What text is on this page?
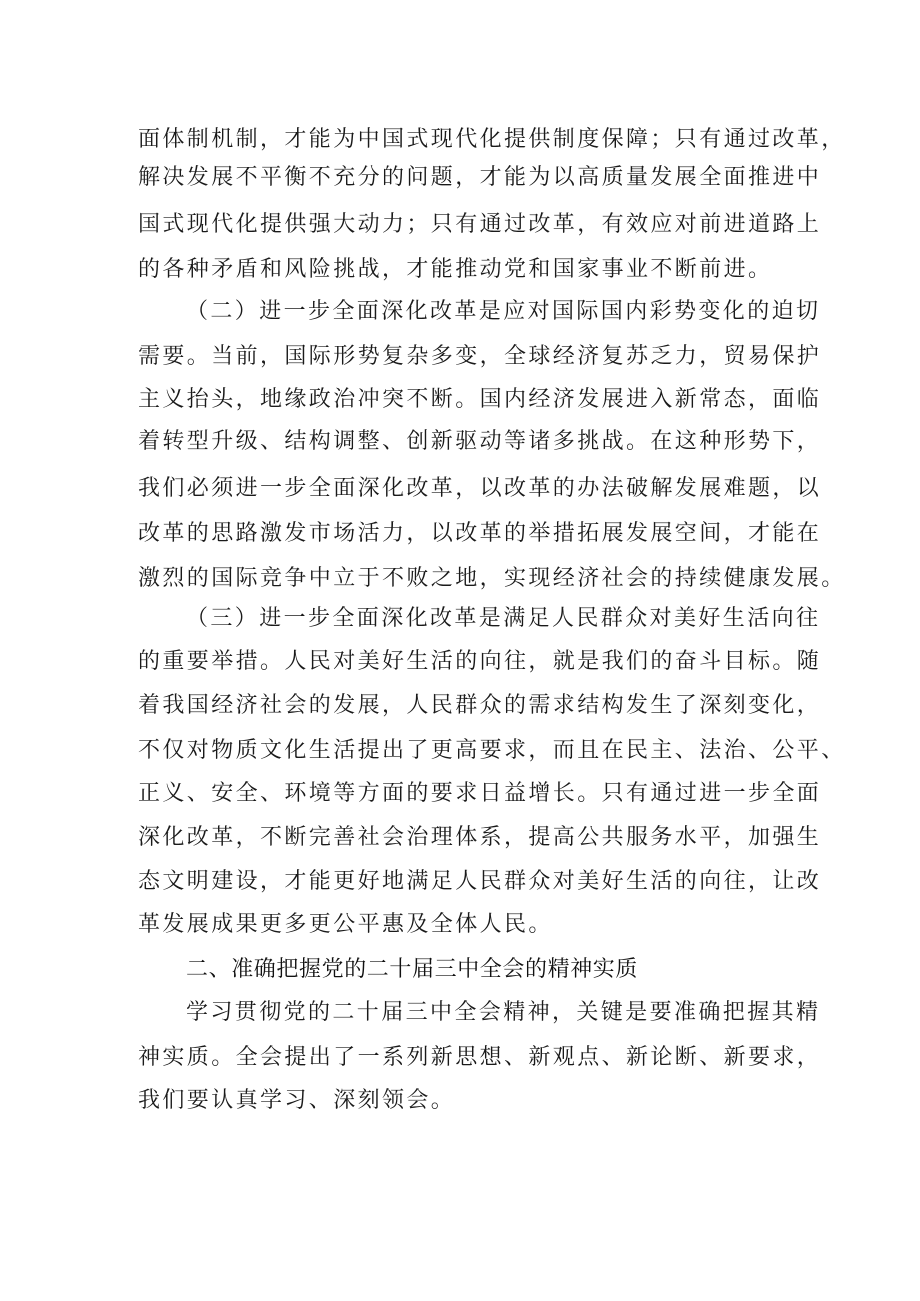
面体制机制，才能为中国式现代化提供制度保障；只有通过改革，
解决发展不平衡不充分的问题，才能为以高质量发展全面推进中
国式现代化提供强大动力；只有通过改革，有效应对前进道路上
的各种矛盾和风险挑战，才能推动党和国家事业不断前进。
（二）进一步全面深化改革是应对国际国内彩势变化的迫切
需要。当前，国际形势复杂多变，全球经济复苏乏力，贸易保护
主义抬头，地缘政治冲突不断。国内经济发展进入新常态，面临
着转型升级、结构调整、创新驱动等诸多挑战。在这种形势下，
我们必须进一步全面深化改革，以改革的办法破解发展难题，以
改革的思路激发市场活力，以改革的举措拓展发展空间，才能在
激烈的国际竞争中立于不败之地，实现经济社会的持续健康发展。
（三）进一步全面深化改革是满足人民群众对美好生活向往
的重要举措。人民对美好生活的向往，就是我们的奋斗目标。随
着我国经济社会的发展，人民群众的需求结构发生了深刻变化，
不仅对物质文化生活提出了更高要求，而且在民主、法治、公平、
正义、安全、环境等方面的要求日益增长。只有通过进一步全面
深化改革，不断完善社会治理体系，提高公共服务水平，加强生
态文明建设，才能更好地满足人民群众对美好生活的向往，让改
革发展成果更多更公平惠及全体人民。
二、准确把握党的二十届三中全会的精神实质
学习贯彻党的二十届三中全会精神，关键是要准确把握其精
神实质。全会提出了一系列新思想、新观点、新论断、新要求，
我们要认真学习、深刻领会。
